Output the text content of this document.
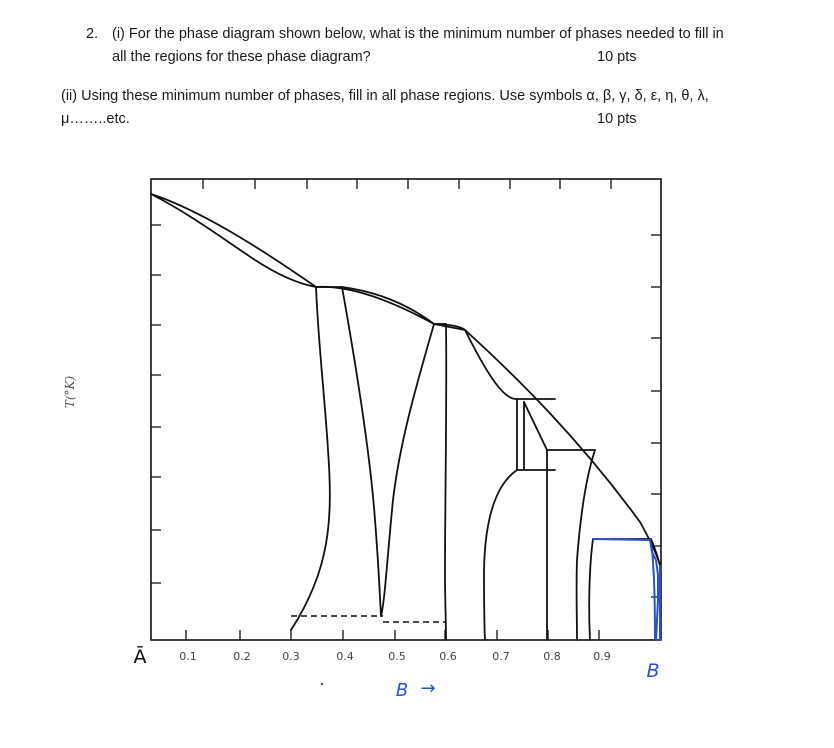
2. (i) For the phase diagram shown below, what is the minimum number of phases needed to fill in
all the regions for these phase diagram?	10 pts
(ii) Using these minimum number of phases, fill in all phase regions. Use symbols α, β, γ, δ, ε, η, θ, λ,
μ……..etc.	10 pts
T(°K)
0.1	0.2	0.3	0.4	0.5	0.6	0.7	0.8	0.9
Ā
B
B →
